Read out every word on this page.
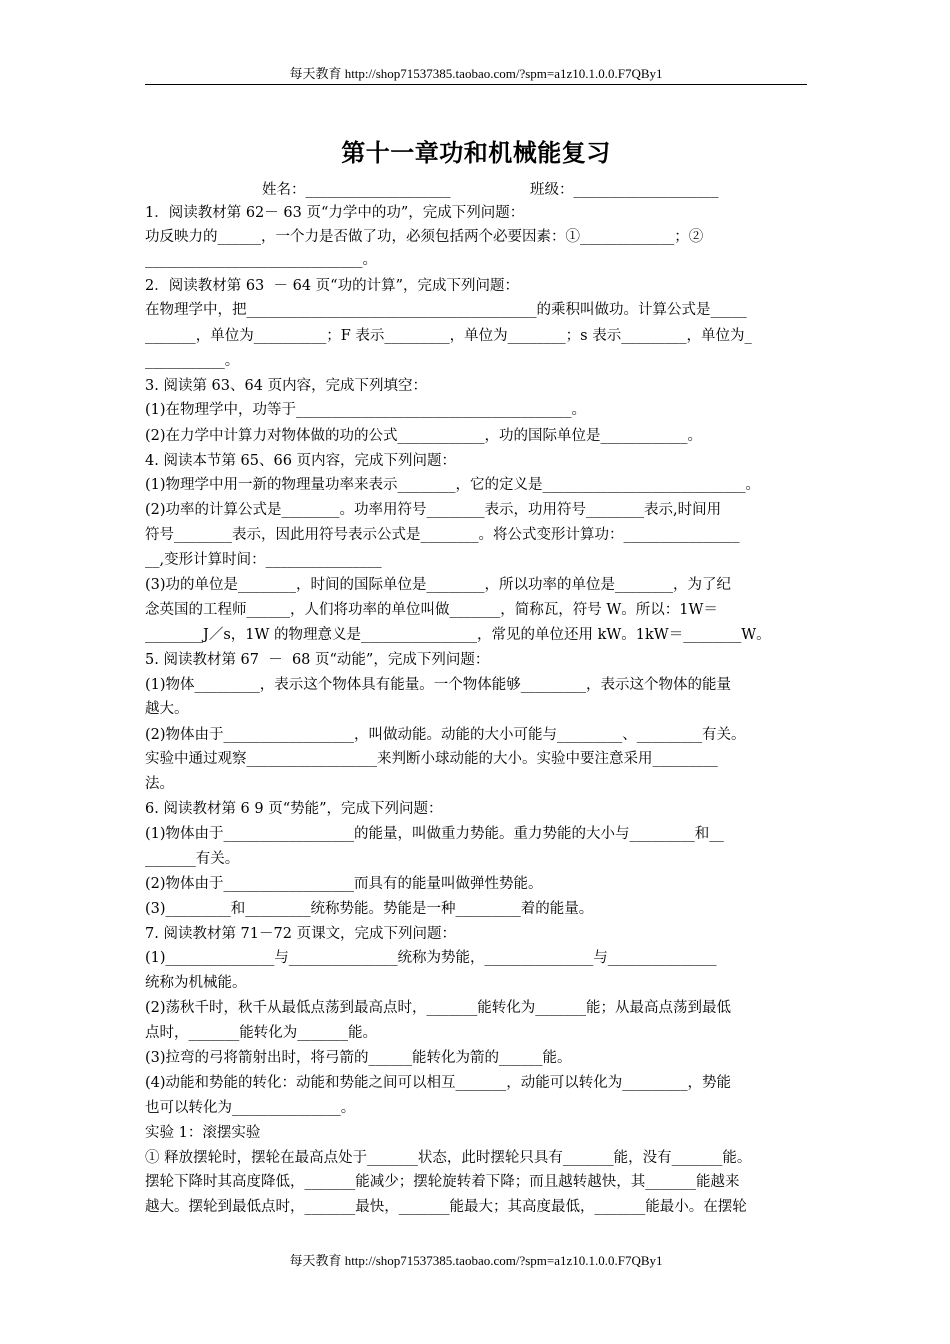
每天教育 http://shop71537385.taobao.com/?spm=a1z10.1.0.0.F7QBy1
第十一章功和机械能复习
姓名：____________________	班级：____________________
1．阅读教材第 62－ 63 页“力学中的功”，完成下列问题：
功反映力的______，一个力是否做了功，必须包括两个必要因素：①_____________；②
______________________________。
2．阅读教材第 63  － 64 页“功的计算”，完成下列问题：
在物理学中，把________________________________________的乘积叫做功。计算公式是_____
_______，单位为__________；F 表示_________，单位为________；s 表示_________，单位为_
___________。
3. 阅读第 63、64 页内容，完成下列填空：
(1)在物理学中，功等于______________________________________。
(2)在力学中计算力对物体做的功的公式____________，功的国际单位是____________。
4. 阅读本节第 65、66 页内容，完成下列问题：
(1)物理学中用一新的物理量功率来表示________，它的定义是____________________________。
(2)功率的计算公式是________。功率用符号________表示，功用符号________表示,时间用
符号________表示，因此用符号表示公式是________。将公式变形计算功：________________
__,变形计算时间：________________
(3)功的单位是________，时间的国际单位是________，所以功率的单位是________，为了纪
念英国的工程师______，人们将功率的单位叫做_______，简称瓦，符号 W。所以：1W＝
________J／s，1W 的物理意义是________________，常见的单位还用 kW。1kW＝________W。
5. 阅读教材第 67  －  68 页“动能”，完成下列问题：
(1)物体_________，表示这个物体具有能量。一个物体能够_________，表示这个物体的能量
越大。
(2)物体由于__________________，叫做动能。动能的大小可能与_________、_________有关。
实验中通过观察__________________来判断小球动能的大小。实验中要注意采用_________
法。
6. 阅读教材第 6 9 页“势能”，完成下列问题：
(1)物体由于__________________的能量，叫做重力势能。重力势能的大小与_________和__
_______有关。
(2)物体由于__________________而具有的能量叫做弹性势能。
(3)_________和_________统称势能。势能是一种_________着的能量。
7. 阅读教材第 71－72 页课文，完成下列问题：
(1)_______________与_______________统称为势能，_______________与_______________
统称为机械能。
(2)荡秋千时，秋千从最低点荡到最高点时，_______能转化为_______能；从最高点荡到最低
点时，_______能转化为_______能。
(3)拉弯的弓将箭射出时，将弓箭的______能转化为箭的______能。
(4)动能和势能的转化：动能和势能之间可以相互_______，动能可以转化为_________，势能
也可以转化为_______________。
实验 1：滚摆实验
① 释放摆轮时，摆轮在最高点处于_______状态，此时摆轮只具有_______能，没有_______能。
摆轮下降时其高度降低，_______能减少；摆轮旋转着下降；而且越转越快，其_______能越来
越大。摆轮到最低点时，_______最快，_______能最大；其高度最低，_______能最小。在摆轮
每天教育 http://shop71537385.taobao.com/?spm=a1z10.1.0.0.F7QBy1
